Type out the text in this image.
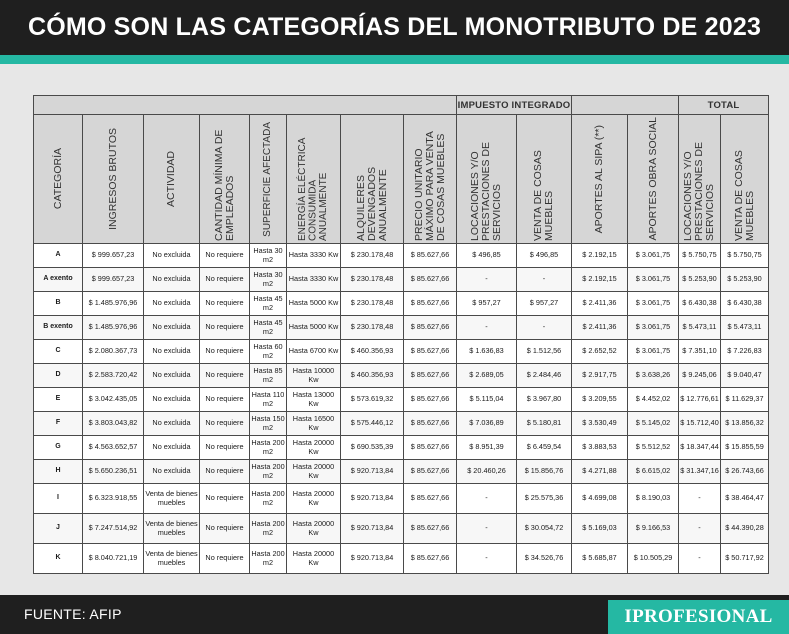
CÓMO SON LAS CATEGORÍAS DEL MONOTRIBUTO DE 2023
								IMPUESTO INTEGRADO				TOTAL	

CATEGORÍA	INGRESOS BRUTOS	ACTIVIDAD	CANTIDAD MÍNIMA DE EMPLEADOS	SUPERFICIE AFECTADA	ENERGÍA ELÉCTRICA CONSUMIDA ANUALMENTE	ALQUILERES DEVENGADOS ANUALMENTE	PRECIO UNITARIO MÁXIMO PARA VENTA DE COSAS MUEBLES	LOCACIONES Y/O PRESTACIONES DE SERVICIOS	VENTA DE COSAS MUEBLES	APORTES AL SIPA (**)	APORTES OBRA SOCIAL	LOCACIONES Y/O PRESTACIONES DE SERVICIOS	VENTA DE COSAS MUEBLES

A	$ 999.657,23	No excluida	No requiere	Hasta 30 m2	Hasta 3330 Kw	$ 230.178,48	$ 85.627,66	$ 496,85	$ 496,85	$ 2.192,15	$ 3.061,75	$ 5.750,75	$ 5.750,75
A exento	$ 999.657,23	No excluida	No requiere	Hasta 30 m2	Hasta 3330 Kw	$ 230.178,48	$ 85.627,66	-	-	$ 2.192,15	$ 3.061,75	$ 5.253,90	$ 5.253,90
B	$ 1.485.976,96	No excluida	No requiere	Hasta 45 m2	Hasta 5000 Kw	$ 230.178,48	$ 85.627,66	$ 957,27	$ 957,27	$ 2.411,36	$ 3.061,75	$ 6.430,38	$ 6.430,38
B exento	$ 1.485.976,96	No excluida	No requiere	Hasta 45 m2	Hasta 5000 Kw	$ 230.178,48	$ 85.627,66	-	-	$ 2.411,36	$ 3.061,75	$ 5.473,11	$ 5.473,11
C	$ 2.080.367,73	No excluida	No requiere	Hasta 60 m2	Hasta 6700 Kw	$ 460.356,93	$ 85.627,66	$ 1.636,83	$ 1.512,56	$ 2.652,52	$ 3.061,75	$ 7.351,10	$ 7.226,83
D	$ 2.583.720,42	No excluida	No requiere	Hasta 85 m2	Hasta 10000 Kw	$ 460.356,93	$ 85.627,66	$ 2.689,05	$ 2.484,46	$ 2.917,75	$ 3.638,26	$ 9.245,06	$ 9.040,47
E	$ 3.042.435,05	No excluida	No requiere	Hasta 110 m2	Hasta 13000 Kw	$ 573.619,32	$ 85.627,66	$ 5.115,04	$ 3.967,80	$ 3.209,55	$ 4.452,02	$ 12.776,61	$ 11.629,37
F	$ 3.803.043,82	No excluida	No requiere	Hasta 150 m2	Hasta 16500 Kw	$ 575.446,12	$ 85.627,66	$ 7.036,89	$ 5.180,81	$ 3.530,49	$ 5.145,02	$ 15.712,40	$ 13.856,32
G	$ 4.563.652,57	No excluida	No requiere	Hasta 200 m2	Hasta 20000 Kw	$ 690.535,39	$ 85.627,66	$ 8.951,39	$ 6.459,54	$ 3.883,53	$ 5.512,52	$ 18.347,44	$ 15.855,59
H	$ 5.650.236,51	No excluida	No requiere	Hasta 200 m2	Hasta 20000 Kw	$ 920.713,84	$ 85.627,66	$ 20.460,26	$ 15.856,76	$ 4.271,88	$ 6.615,02	$ 31.347,16	$ 26.743,66
I	$ 6.323.918,55	Venta de bienes muebles	No requiere	Hasta 200 m2	Hasta 20000 Kw	$ 920.713,84	$ 85.627,66	-	$ 25.575,36	$ 4.699,08	$ 8.190,03	-	$ 38.464,47
J	$ 7.247.514,92	Venta de bienes muebles	No requiere	Hasta 200 m2	Hasta 20000 Kw	$ 920.713,84	$ 85.627,66	-	$ 30.054,72	$ 5.169,03	$ 9.166,53	-	$ 44.390,28
K	$ 8.040.721,19	Venta de bienes muebles	No requiere	Hasta 200 m2	Hasta 20000 Kw	$ 920.713,84	$ 85.627,66	-	$ 34.526,76	$ 5.685,87	$ 10.505,29	-	$ 50.717,92
FUENTE: AFIP	IPROFESIONAL
